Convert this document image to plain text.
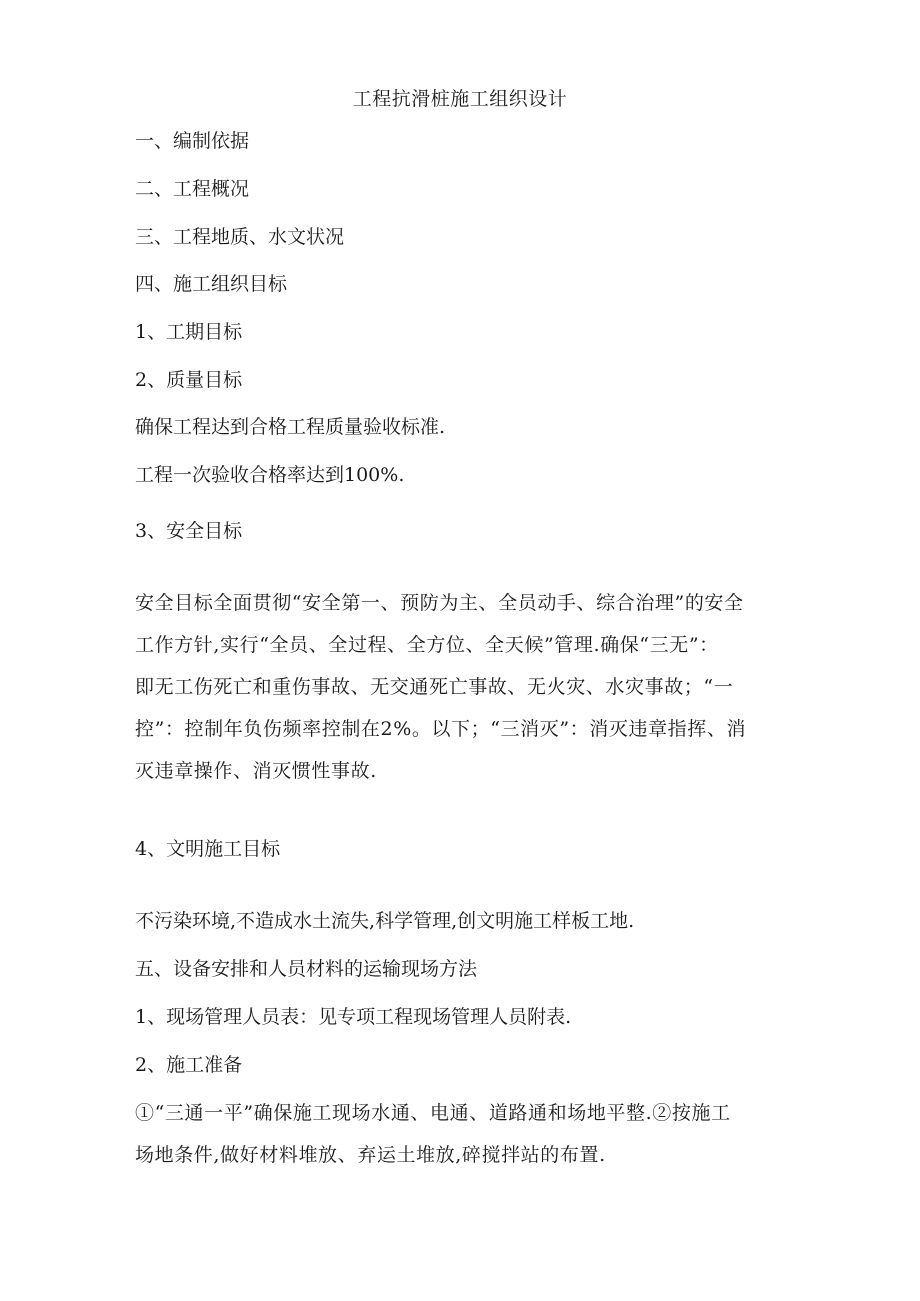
工程抗滑桩施工组织设计
一、编制依据
二、工程概况
三、工程地质、水文状况
四、施工组织目标
1、工期目标
2、质量目标
确保工程达到合格工程质量验收标准.
工程一次验收合格率达到100%.
3、安全目标
安全目标全面贯彻“安全第一、预防为主、全员动手、综合治理”的安全
工作方针,实行“全员、全过程、全方位、全天候”管理.确保“三无”：
即无工伤死亡和重伤事故、无交通死亡事故、无火灾、水灾事故；“一
控”：控制年负伤频率控制在2%。以下；“三消灭”：消灭违章指挥、消
灭违章操作、消灭惯性事故.
4、文明施工目标
不污染环境,不造成水土流失,科学管理,创文明施工样板工地.
五、设备安排和人员材料的运输现场方法
1、现场管理人员表：见专项工程现场管理人员附表.
2、施工准备
①“三通一平”确保施工现场水通、电通、道路通和场地平整.②按施工
场地条件,做好材料堆放、弃运土堆放,碎搅拌站的布置.
